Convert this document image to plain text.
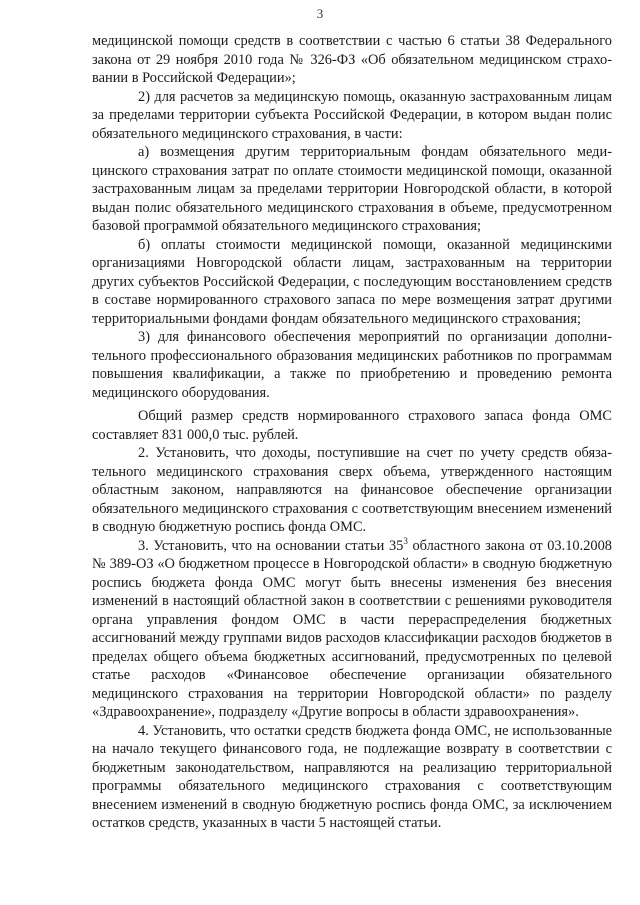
3

медицинской помощи средств в соответствии с частью 6 статьи 38 Федерального закона от 29 ноября 2010 года № 326-ФЗ «Об обязательном медицинском страховании в Российской Федерации»;

2) для расчетов за медицинскую помощь, оказанную застрахованным лицам за пределами территории субъекта Российской Федерации, в котором выдан полис обязательного медицинского страхования, в части:

а) возмещения другим территориальным фондам обязательного медицинского страхования затрат по оплате стоимости медицинской помощи, оказанной застрахованным лицам за пределами территории Новгородской области, в которой выдан полис обязательного медицинского страхования в объеме, предусмотренном базовой программой обязательного медицинского страхования;

б) оплаты стоимости медицинской помощи, оказанной медицинскими организациями Новгородской области лицам, застрахованным на территории других субъектов Российской Федерации, с последующим восстановлением средств в составе нормированного страхового запаса по мере возмещения затрат другими территориальными фондами фондам обязательного медицинского страхования;

3) для финансового обеспечения мероприятий по организации дополнительного профессионального образования медицинских работников по программам повышения квалификации, а также по приобретению и проведению ремонта медицинского оборудования.

Общий размер средств нормированного страхового запаса фонда ОМС составляет 831 000,0 тыс. рублей.

2. Установить, что доходы, поступившие на счет по учету средств обязательного медицинского страхования сверх объема, утвержденного настоящим областным законом, направляются на финансовое обеспечение организации обязательного медицинского страхования с соответствующим внесением изменений в сводную бюджетную роспись фонда ОМС.

3. Установить, что на основании статьи $35^3$ областного закона от 03.10.2008 № 389-ОЗ «О бюджетном процессе в Новгородской области» в сводную бюджетную роспись бюджета фонда ОМС могут быть внесены изменения без внесения изменений в настоящий областной закон в соответствии с решениями руководителя органа управления фондом ОМС в части перераспределения бюджетных ассигнований между группами видов расходов классификации расходов бюджетов в пределах общего объема бюджетных ассигнований, предусмотренных по целевой статье расходов «Финансовое обеспечение организации обязательного медицинского страхования на территории Новгородской области» по разделу «Здравоохранение», подразделу «Другие вопросы в области здравоохранения».

4. Установить, что остатки средств бюджета фонда ОМС, не использованные на начало текущего финансового года, не подлежащие возврату в соответствии с бюджетным законодательством, направляются на реализацию территориальной программы обязательного медицинского страхования с соответствующим внесением изменений в сводную бюджетную роспись фонда ОМС, за исключением остатков средств, указанных в части 5 настоящей статьи.
